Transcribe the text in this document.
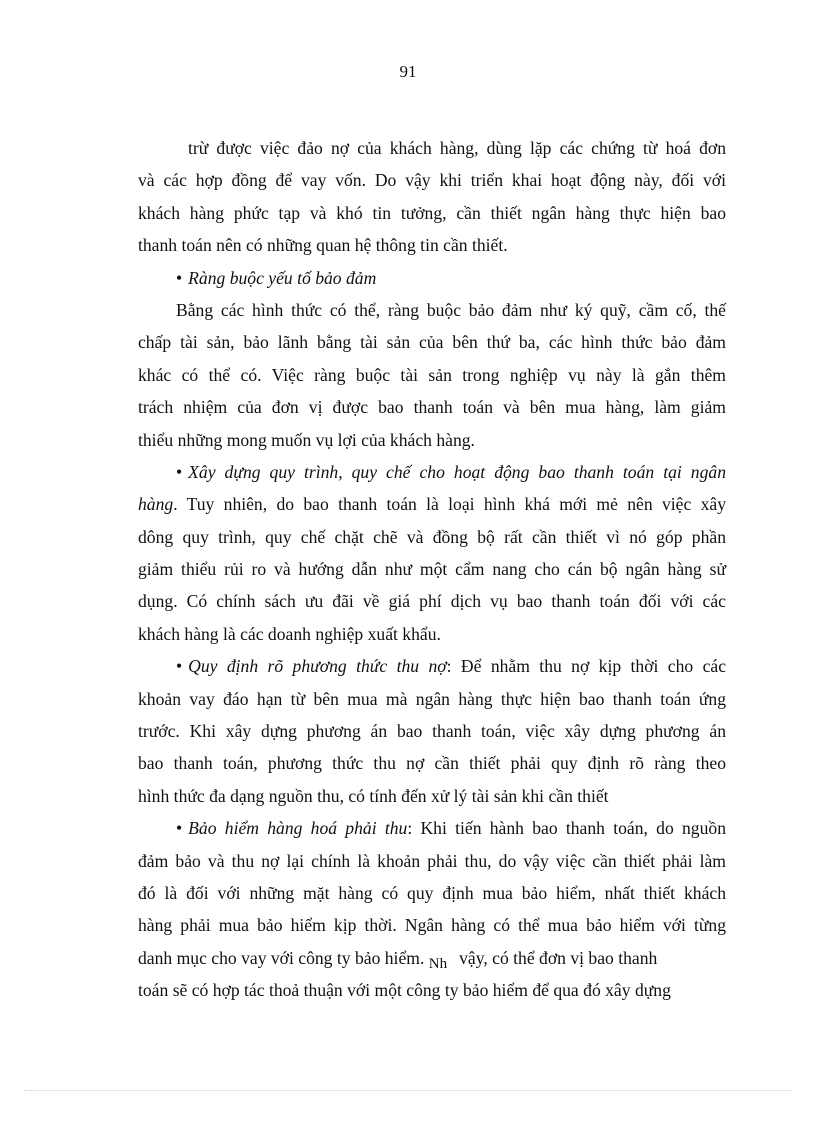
91
trừ được việc đảo nợ của khách hàng, dùng lặp các chứng từ hoá đơn
và các hợp đồng để vay vốn. Do vậy khi triển khai hoạt động này, đối với
khách hàng phức tạp và khó tin tưởng, cần thiết ngân hàng thực hiện bao
thanh toán nên có những quan hệ thông tin cần thiết.
• Ràng buộc yếu tố bảo đảm
Bằng các hình thức có thể, ràng buộc bảo đảm như ký quỹ, cầm cố, thế
chấp tài sản, bảo lãnh bằng tài sản của bên thứ ba, các hình thức bảo đảm
khác có thể có. Việc ràng buộc tài sản trong nghiệp vụ này là gắn thêm
trách nhiệm của đơn vị được bao thanh toán và bên mua hàng, làm giảm
thiểu những mong muốn vụ lợi của khách hàng.
• Xây dựng quy trình, quy chế cho hoạt động bao thanh toán tại ngân
hàng. Tuy nhiên, do bao thanh toán là loại hình khá mới mẻ nên việc xây
dông quy trình, quy chế chặt chẽ và đồng bộ rất cần thiết vì nó góp phần
giảm thiểu rủi ro và hướng dẫn như một cẩm nang cho cán bộ ngân hàng sử
dụng. Có chính sách ưu đãi về giá phí dịch vụ bao thanh toán đối với các
khách hàng là các doanh nghiệp xuất khẩu.
• Quy định rõ phương thức thu nợ: Để nhằm thu nợ kịp thời cho các
khoản vay đáo hạn từ bên mua mà ngân hàng thực hiện bao thanh toán ứng
trước. Khi xây dựng phương án bao thanh toán, việc xây dựng phương án
bao thanh toán, phương thức thu nợ cần thiết phải quy định rõ ràng theo
hình thức đa dạng nguồn thu, có tính đến xử lý tài sản khi cần thiết
• Bảo hiểm hàng hoá phải thu: Khi tiến hành bao thanh toán, do nguồn
đảm bảo và thu nợ lại chính là khoản phải thu, do vậy việc cần thiết phải làm
đó là đối với những mặt hàng có quy định mua bảo hiểm, nhất thiết khách
hàng phải mua bảo hiểm kịp thời. Ngân hàng có thể mua bảo hiểm với từng
danh mục cho vay với công ty bảo hiểm. Nh vậy, có thể đơn vị bao thanh
toán sẽ có hợp tác thoả thuận với một công ty bảo hiểm để qua đó xây dựng
